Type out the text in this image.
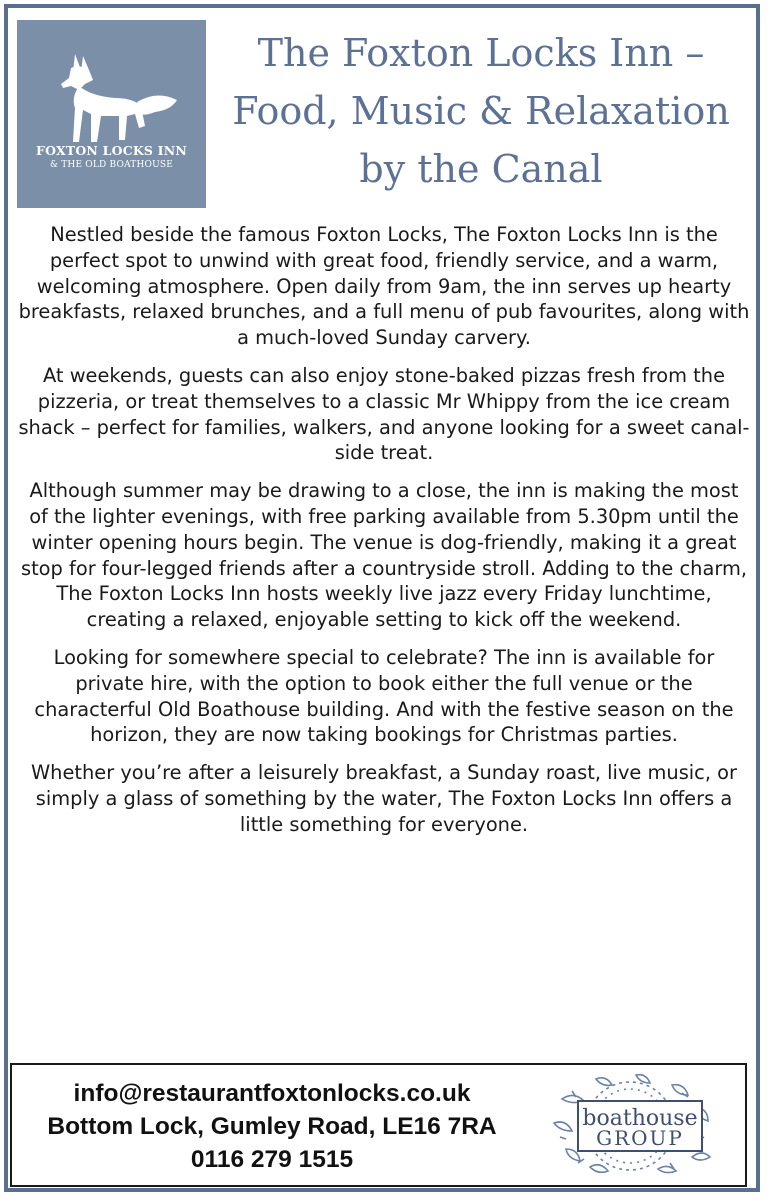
FOXTON LOCKS INN
& THE OLD BOATHOUSE
The Foxton Locks Inn –
Food, Music & Relaxation
by the Canal

Nestled beside the famous Foxton Locks, The Foxton Locks Inn is the perfect spot to unwind with great food, friendly service, and a warm, welcoming atmosphere. Open daily from 9am, the inn serves up hearty breakfasts, relaxed brunches, and a full menu of pub favourites, along with a much-loved Sunday carvery.

At weekends, guests can also enjoy stone-baked pizzas fresh from the pizzeria, or treat themselves to a classic Mr Whippy from the ice cream shack – perfect for families, walkers, and anyone looking for a sweet canal-side treat.

Although summer may be drawing to a close, the inn is making the most of the lighter evenings, with free parking available from 5.30pm until the winter opening hours begin. The venue is dog-friendly, making it a great stop for four-legged friends after a countryside stroll. Adding to the charm, The Foxton Locks Inn hosts weekly live jazz every Friday lunchtime, creating a relaxed, enjoyable setting to kick off the weekend.

Looking for somewhere special to celebrate? The inn is available for private hire, with the option to book either the full venue or the characterful Old Boathouse building. And with the festive season on the horizon, they are now taking bookings for Christmas parties.

Whether you’re after a leisurely breakfast, a Sunday roast, live music, or simply a glass of something by the water, The Foxton Locks Inn offers a little something for everyone.

info@restaurantfoxtonlocks.co.uk
Bottom Lock, Gumley Road, LE16 7RA
0116 279 1515
boathouse
GROUP
